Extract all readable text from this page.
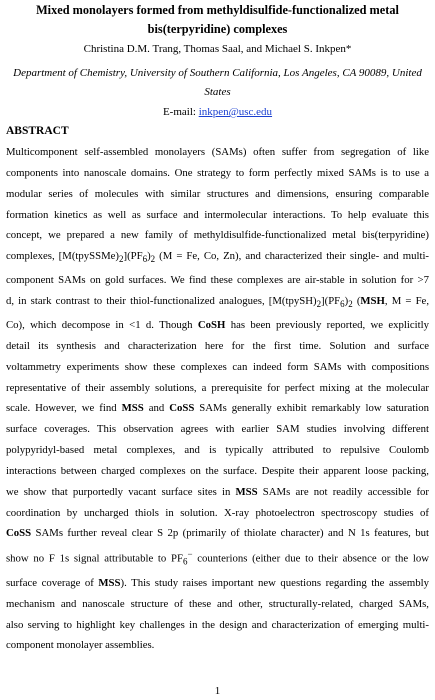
Mixed monolayers formed from methyldisulfide-functionalized metal
bis(terpyridine) complexes
Christina D.M. Trang, Thomas Saal, and Michael S. Inkpen*
Department of Chemistry, University of Southern California, Los Angeles, CA 90089, United
States
E-mail: inkpen@usc.edu
ABSTRACT
Multicomponent self-assembled monolayers (SAMs) often suffer from segregation of like
components into nanoscale domains. One strategy to form perfectly mixed SAMs is to use a
modular series of molecules with similar structures and dimensions, ensuring comparable
formation kinetics as well as surface and intermolecular interactions. To help evaluate this
concept, we prepared a new family of methyldisulfide-functionalized metal bis(terpyridine)
complexes, $[M(tpySSMe)_2](PF_6)_2$ (M = Fe, Co, Zn), and characterized their single- and multi-
component SAMs on gold surfaces. We find these complexes are air-stable in solution for >7
d, in stark contrast to their thiol-functionalized analogues, $[M(tpySH)_2](PF_6)_2$ (MSH, M = Fe,
Co), which decompose in <1 d. Though CoSH has been previously reported, we explicitly
detail its synthesis and characterization here for the first time. Solution and surface
voltammetry experiments show these complexes can indeed form SAMs with compositions
representative of their assembly solutions, a prerequisite for perfect mixing at the molecular
scale. However, we find MSS and CoSS SAMs generally exhibit remarkably low saturation
surface coverages. This observation agrees with earlier SAM studies involving different
polypyridyl-based metal complexes, and is typically attributed to repulsive Coulomb
interactions between charged complexes on the surface. Despite their apparent loose packing,
we show that purportedly vacant surface sites in MSS SAMs are not readily accessible for
coordination by uncharged thiols in solution. X-ray photoelectron spectroscopy studies of
CoSS SAMs further reveal clear S 2p (primarily of thiolate character) and N 1s features, but
show no F 1s signal attributable to $PF_6^-$ counterions (either due to their absence or the low
surface coverage of MSS). This study raises important new questions regarding the assembly
mechanism and nanoscale structure of these and other, structurally-related, charged SAMs,
also serving to highlight key challenges in the design and characterization of emerging multi-
component monolayer assemblies.
1
